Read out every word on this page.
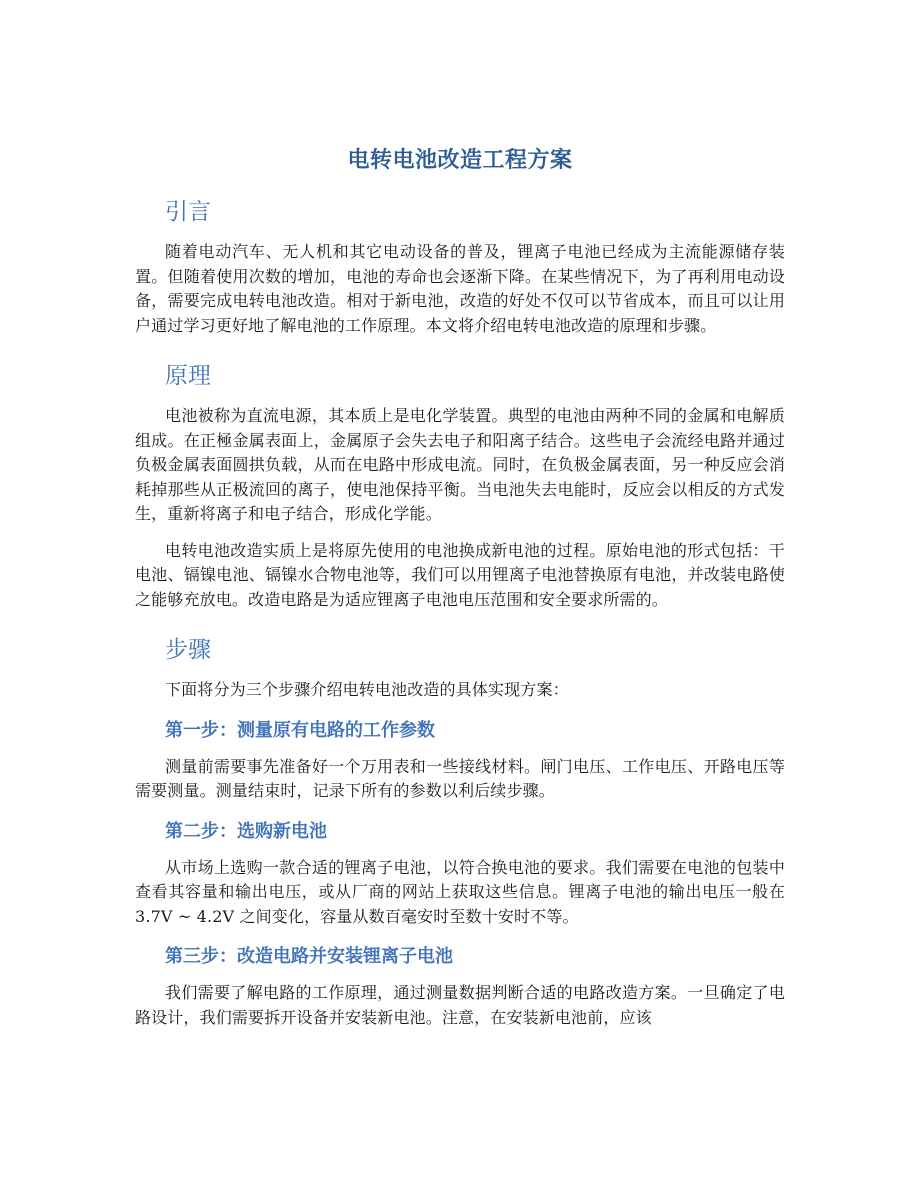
电转电池改造工程方案
引言

随着电动汽车、无人机和其它电动设备的普及，锂离子电池已经成为主流能源储存装置。但随着使用次数的增加，电池的寿命也会逐渐下降。在某些情况下，为了再利用电动设备，需要完成电转电池改造。相对于新电池，改造的好处不仅可以节省成本，而且可以让用户通过学习更好地了解电池的工作原理。本文将介绍电转电池改造的原理和步骤。

原理

电池被称为直流电源，其本质上是电化学装置。典型的电池由两种不同的金属和电解质组成。在正極金属表面上，金属原子会失去电子和阳离子结合。这些电子会流经电路并通过负极金属表面圆拱负载，从而在电路中形成电流。同时，在负极金属表面，另一种反应会消耗掉那些从正极流回的离子，使电池保持平衡。当电池失去电能时，反应会以相反的方式发生，重新将离子和电子结合，形成化学能。

电转电池改造实质上是将原先使用的电池换成新电池的过程。原始电池的形式包括：干电池、镉镍电池、镉镍水合物电池等，我们可以用锂离子电池替换原有电池，并改装电路使之能够充放电。改造电路是为适应锂离子电池电压范围和安全要求所需的。

步骤

下面将分为三个步骤介绍电转电池改造的具体实现方案：

第一步：测量原有电路的工作参数

测量前需要事先准备好一个万用表和一些接线材料。闸门电压、工作电压、开路电压等需要测量。测量结束时，记录下所有的参数以利后续步骤。

第二步：选购新电池

从市场上选购一款合适的锂离子电池，以符合换电池的要求。我们需要在电池的包装中查看其容量和输出电压，或从厂商的网站上获取这些信息。锂离子电池的输出电压一般在 3.7V ~ 4.2V 之间变化，容量从数百毫安时至数十安时不等。

第三步：改造电路并安装锂离子电池

我们需要了解电路的工作原理，通过测量数据判断合适的电路改造方案。一旦确定了电路设计，我们需要拆开设备并安装新电池。注意，在安装新电池前，应该
